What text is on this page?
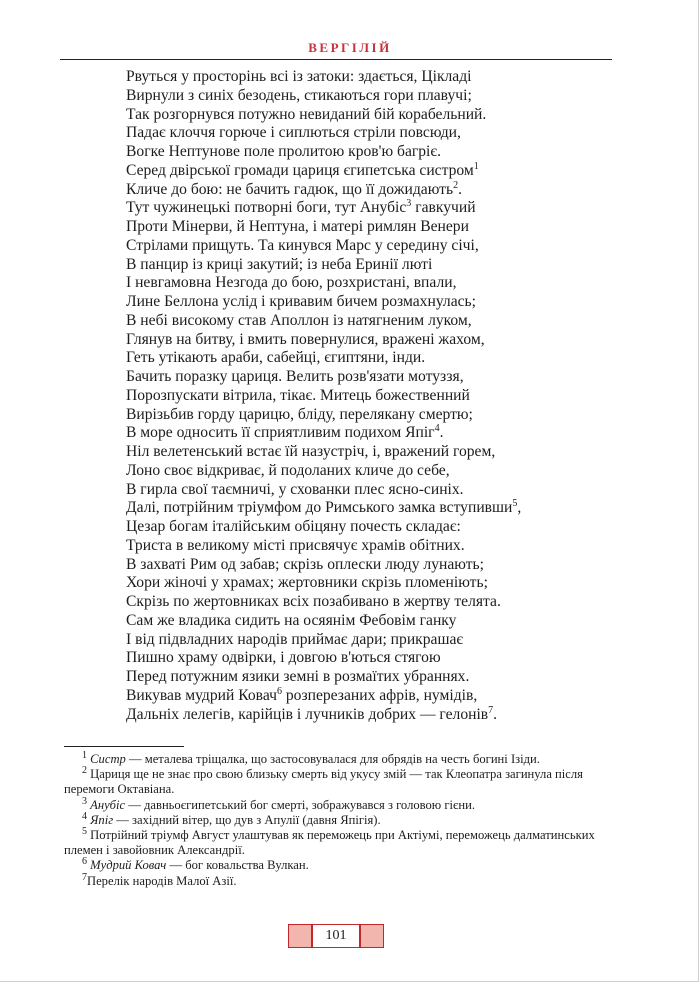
ВЕРГІЛІЙ
Рвуться у просторінь всі із затоки: здається, Цікладі
Вирнули з синіх безодень, стикаються гори плавучі;
Так розгорнувся потужно невиданий бій корабельний.
Падає клоччя горюче і сиплються стріли повсюди,
Вогке Нептунове поле пролитою кров'ю багріє.
Серед двірської громади цариця єгипетська систром$^1$
Кличе до бою: не бачить гадюк, що її дожидають$^2$.
Тут чужинецькі потворні боги, тут Анубіс$^3$ гавкучий
Проти Мінерви, й Нептуна, і матері римлян Венери
Стрілами прищуть. Та кинувся Марс у середину січі,
В панцир із криці закутий; із неба Еринії люті
І невгамовна Незгода до бою, розхристані, впали,
Лине Беллона услід і кривавим бичем розмахнулась;
В небі високому став Аполлон із натягненим луком,
Глянув на битву, і вмить повернулися, вражені жахом,
Геть утікають араби, сабейці, єгиптяни, інди.
Бачить поразку цариця. Велить розв'язати мотуззя,
Порозпускати вітрила, тікає. Митець божественний
Вирізьбив горду царицю, бліду, перелякану смертю;
В море односить її сприятливим подихом Япіг$^4$.
Ніл велетенський встає їй назустріч, і, вражений горем,
Лоно своє відкриває, й подоланих кличе до себе,
В гирла свої таємничі, у схованки плес ясно-синіх.
Далі, потрійним тріумфом до Римського замка вступивши$^5$,
Цезар богам італійським обіцяну почесть складає:
Триста в великому місті присвячує храмів обітних.
В захваті Рим од забав; скрізь оплески люду лунають;
Хори жіночі у храмах; жертовники скрізь пломеніють;
Скрізь по жертовниках всіх позабивано в жертву телята.
Сам же владика сидить на осяянім Фебовім ганку
І від підвладних народів приймає дари; прикрашає
Пишно храму одвірки, і довгою в'ються стягою
Перед потужним язики земні в розмаїтих убраннях.
Викував мудрий Ковач$^6$ розперезаних афрів, нумідів,
Дальніх лелегів, карійців і лучників добрих — гелонів$^7$.

$^1$ Систр — металева тріщалка, що застосовувалася для обрядів на честь богині Ізіди.

$^2$ Цариця ще не знає про свою близьку смерть від укусу змій — так Клеопатра загинула після перемоги Октавіана.

$^3$ Анубіс — давньоєгипетський бог смерті, зображувався з головою гієни.

$^4$ Япіг — західний вітер, що дув з Апулії (давня Япігія).

$^5$ Потрійний тріумф Август улаштував як переможець при Актіумі, переможець далматинських племен і завойовник Александрії.

$^6$ Мудрий Ковач — бог ковальства Вулкан.

$^7$Перелік народів Малої Азії.

101
